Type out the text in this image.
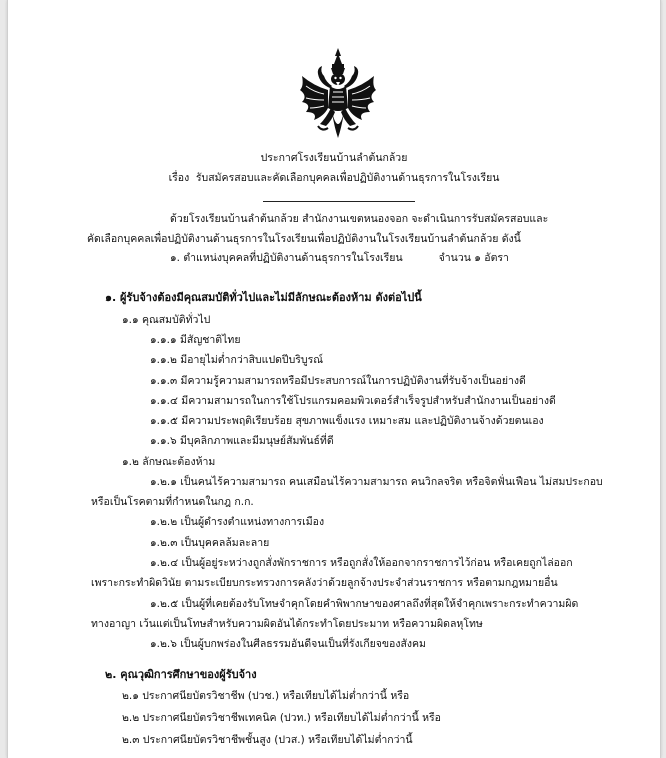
ประกาศโรงเรียนบ้านลำต้นกล้วย
เรื่อง รับสมัครสอบและคัดเลือกบุคคลเพื่อปฏิบัติงานด้านธุรการในโรงเรียน
ด้วยโรงเรียนบ้านลำต้นกล้วย สำนักงานเขตหนองจอก จะดำเนินการรับสมัครสอบและ
คัดเลือกบุคคลเพื่อปฏิบัติงานด้านธุรการในโรงเรียนเพื่อปฏิบัติงานในโรงเรียนบ้านลำต้นกล้วย ดังนี้
๑. ตำแหน่งบุคคลที่ปฏิบัติงานด้านธุรการในโรงเรียน	จำนวน ๑ อัตรา
๑. ผู้รับจ้างต้องมีคุณสมบัติทั่วไปและไม่มีลักษณะต้องห้าม ดังต่อไปนี้
๑.๑ คุณสมบัติทั่วไป
๑.๑.๑ มีสัญชาติไทย
๑.๑.๒ มีอายุไม่ต่ำกว่าสิบแปดปีบริบูรณ์
๑.๑.๓ มีความรู้ความสามารถหรือมีประสบการณ์ในการปฏิบัติงานที่รับจ้างเป็นอย่างดี
๑.๑.๔ มีความสามารถในการใช้โปรแกรมคอมพิวเตอร์สำเร็จรูปสำหรับสำนักงานเป็นอย่างดี
๑.๑.๕ มีความประพฤติเรียบร้อย สุขภาพแข็งแรง เหมาะสม และปฏิบัติงานจ้างด้วยตนเอง
๑.๑.๖ มีบุคลิกภาพและมีมนุษย์สัมพันธ์ที่ดี
๑.๒ ลักษณะต้องห้าม
๑.๒.๑ เป็นคนไร้ความสามารถ คนเสมือนไร้ความสามารถ คนวิกลจริต หรือจิตฟั่นเฟือน ไม่สมประกอบ
หรือเป็นโรคตามที่กำหนดในกฎ ก.ก.
๑.๒.๒ เป็นผู้ดำรงตำแหน่งทางการเมือง
๑.๒.๓ เป็นบุคคลล้มละลาย
๑.๒.๔ เป็นผู้อยู่ระหว่างถูกสั่งพักราชการ หรือถูกสั่งให้ออกจากราชการไว้ก่อน หรือเคยถูกไล่ออก
เพราะกระทำผิดวินัย ตามระเบียบกระทรวงการคลังว่าด้วยลูกจ้างประจำส่วนราชการ หรือตามกฎหมายอื่น
๑.๒.๕ เป็นผู้ที่เคยต้องรับโทษจำคุกโดยคำพิพากษาของศาลถึงที่สุดให้จำคุกเพราะกระทำความผิด
ทางอาญา เว้นแต่เป็นโทษสำหรับความผิดอันได้กระทำโดยประมาท หรือความผิดลหุโทษ
๑.๒.๖ เป็นผู้บกพร่องในศีลธรรมอันดีจนเป็นที่รังเกียจของสังคม
๒. คุณวุฒิการศึกษาของผู้รับจ้าง
๒.๑ ประกาศนียบัตรวิชาชีพ (ปวช.) หรือเทียบได้ไม่ต่ำกว่านี้ หรือ
๒.๒ ประกาศนียบัตรวิชาชีพเทคนิค (ปวท.) หรือเทียบได้ไม่ต่ำกว่านี้ หรือ
๒.๓ ประกาศนียบัตรวิชาชีพชั้นสูง (ปวส.) หรือเทียบได้ไม่ต่ำกว่านี้
